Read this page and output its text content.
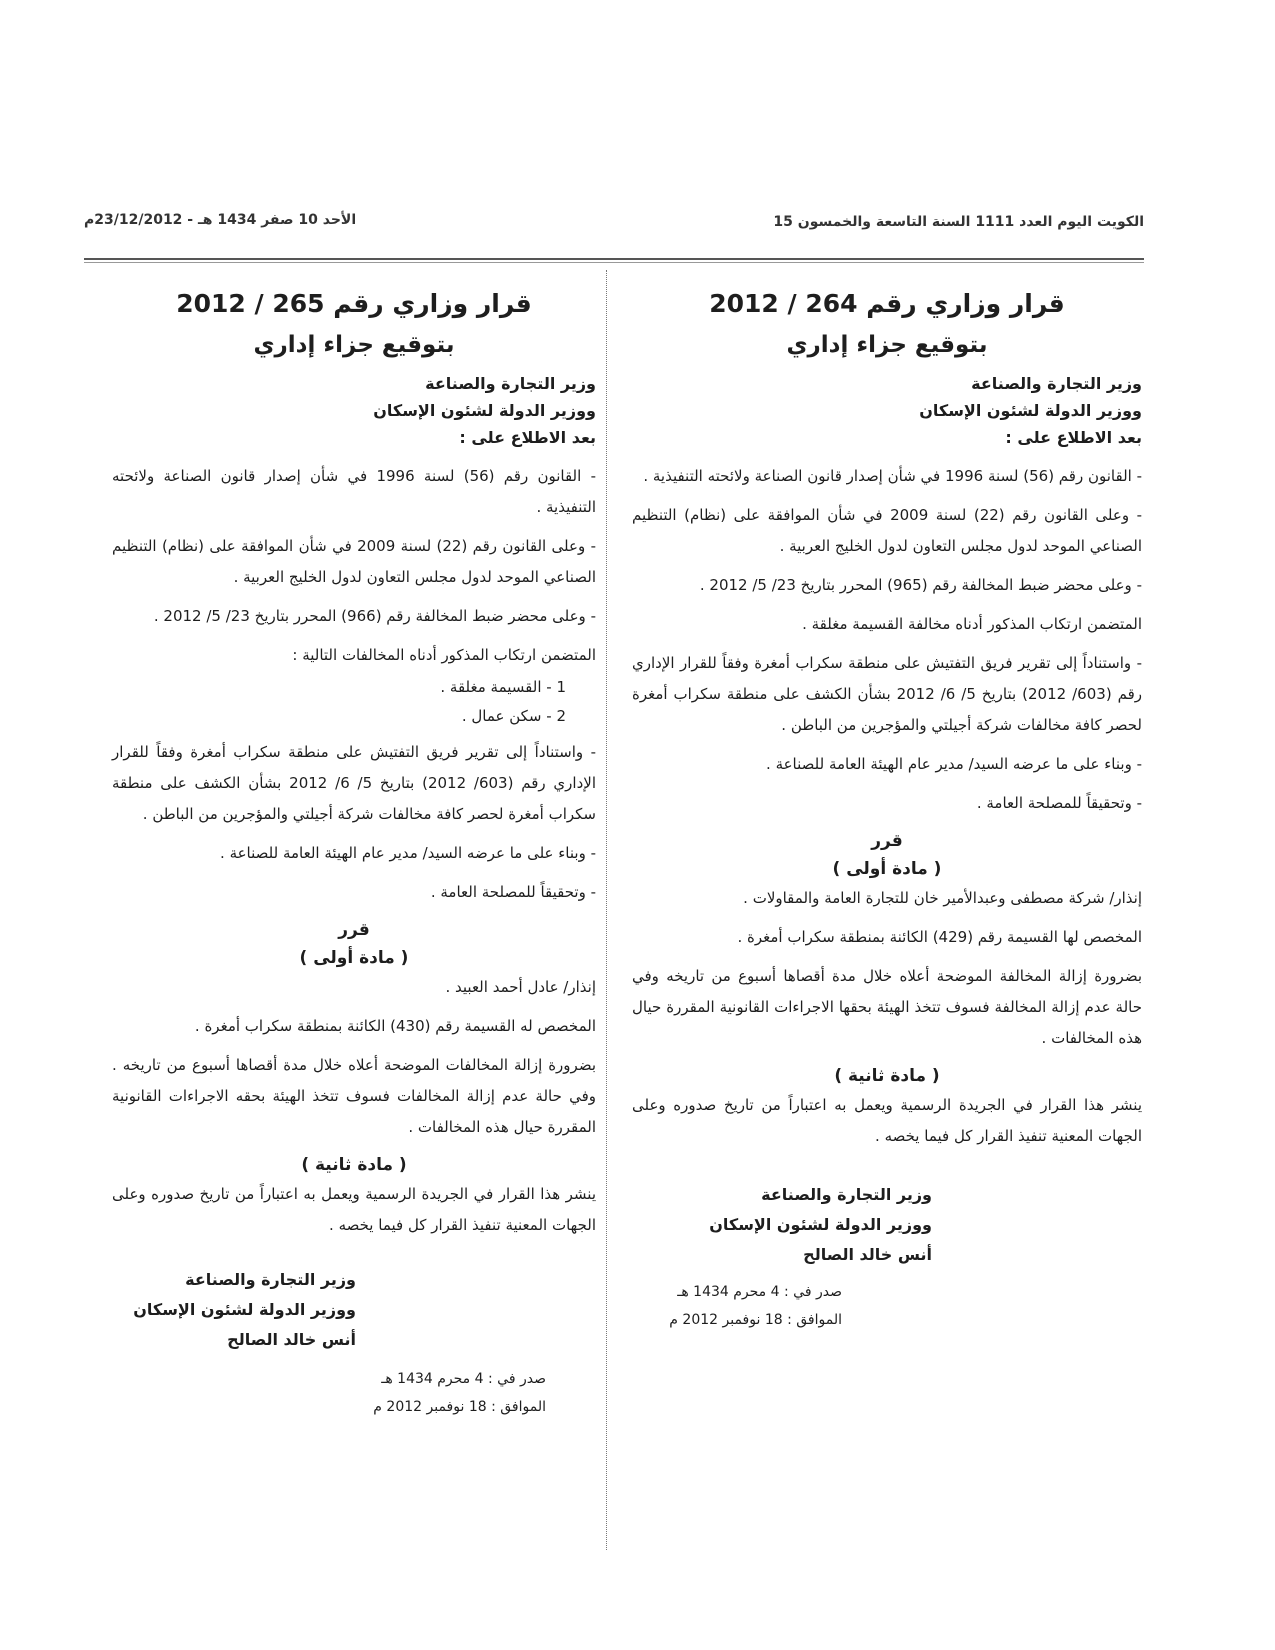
الكويت اليوم العدد 1111 السنة التاسعة والخمسون 15
الأحد 10 صفر 1434 هـ - 23/12/2012م

قرار وزاري رقم 264 / 2012

بتوقيع جزاء إداري

وزير التجارة والصناعة

ووزير الدولة لشئون الإسكان

بعد الاطلاع على :

- القانون رقم (56) لسنة 1996 في شأن إصدار قانون الصناعة ولائحته التنفيذية .

- وعلى القانون رقم (22) لسنة 2009 في شأن الموافقة على (نظام) التنظيم الصناعي الموحد لدول مجلس التعاون لدول الخليج العربية .

- وعلى محضر ضبط المخالفة رقم (965) المحرر بتاريخ 23/ 5/ 2012 .

المتضمن ارتكاب المذكور أدناه مخالفة القسيمة مغلقة .

- واستناداً إلى تقرير فريق التفتيش على منطقة سكراب أمغرة وفقاً للقرار الإداري رقم (603/ 2012) بتاريخ 5/ 6/ 2012 بشأن الكشف على منطقة سكراب أمغرة لحصر كافة مخالفات شركة أجيلتي والمؤجرين من الباطن .

- وبناء على ما عرضه السيد/ مدير عام الهيئة العامة للصناعة .

- وتحقيقاً للمصلحة العامة .

قرر

( مادة أولى )

إنذار/ شركة مصطفى وعبدالأمير خان للتجارة العامة والمقاولات .

المخصص لها القسيمة رقم (429) الكائنة بمنطقة سكراب أمغرة .

بضرورة إزالة المخالفة الموضحة أعلاه خلال مدة أقصاها أسبوع من تاريخه وفي حالة عدم إزالة المخالفة فسوف تتخذ الهيئة بحقها الاجراءات القانونية المقررة حيال هذه المخالفات .

( مادة ثانية )

ينشر هذا القرار في الجريدة الرسمية ويعمل به اعتباراً من تاريخ صدوره وعلى الجهات المعنية تنفيذ القرار كل فيما يخصه .

وزير التجارة والصناعة

ووزير الدولة لشئون الإسكان

أنس خالد الصالح

صدر في : 4 محرم 1434 هـ

الموافق : 18 نوفمبر 2012 م

قرار وزاري رقم 265 / 2012

بتوقيع جزاء إداري

وزير التجارة والصناعة

ووزير الدولة لشئون الإسكان

بعد الاطلاع على :

- القانون رقم (56) لسنة 1996 في شأن إصدار قانون الصناعة ولائحته التنفيذية .

- وعلى القانون رقم (22) لسنة 2009 في شأن الموافقة على (نظام) التنظيم الصناعي الموحد لدول مجلس التعاون لدول الخليج العربية .

- وعلى محضر ضبط المخالفة رقم (966) المحرر بتاريخ 23/ 5/ 2012 .

المتضمن ارتكاب المذكور أدناه المخالفات التالية :

1 - القسيمة مغلقة .

2 - سكن عمال .

- واستناداً إلى تقرير فريق التفتيش على منطقة سكراب أمغرة وفقاً للقرار الإداري رقم (603/ 2012) بتاريخ 5/ 6/ 2012 بشأن الكشف على منطقة سكراب أمغرة لحصر كافة مخالفات شركة أجيلتي والمؤجرين من الباطن .

- وبناء على ما عرضه السيد/ مدير عام الهيئة العامة للصناعة .

- وتحقيقاً للمصلحة العامة .

قرر

( مادة أولى )

إنذار/ عادل أحمد العبيد .

المخصص له القسيمة رقم (430) الكائنة بمنطقة سكراب أمغرة .

بضرورة إزالة المخالفات الموضحة أعلاه خلال مدة أقصاها أسبوع من تاريخه . وفي حالة عدم إزالة المخالفات فسوف تتخذ الهيئة بحقه الاجراءات القانونية المقررة حيال هذه المخالفات .

( مادة ثانية )

ينشر هذا القرار في الجريدة الرسمية ويعمل به اعتباراً من تاريخ صدوره وعلى الجهات المعنية تنفيذ القرار كل فيما يخصه .

وزير التجارة والصناعة

ووزير الدولة لشئون الإسكان

أنس خالد الصالح

صدر في : 4 محرم 1434 هـ

الموافق : 18 نوفمبر 2012 م
